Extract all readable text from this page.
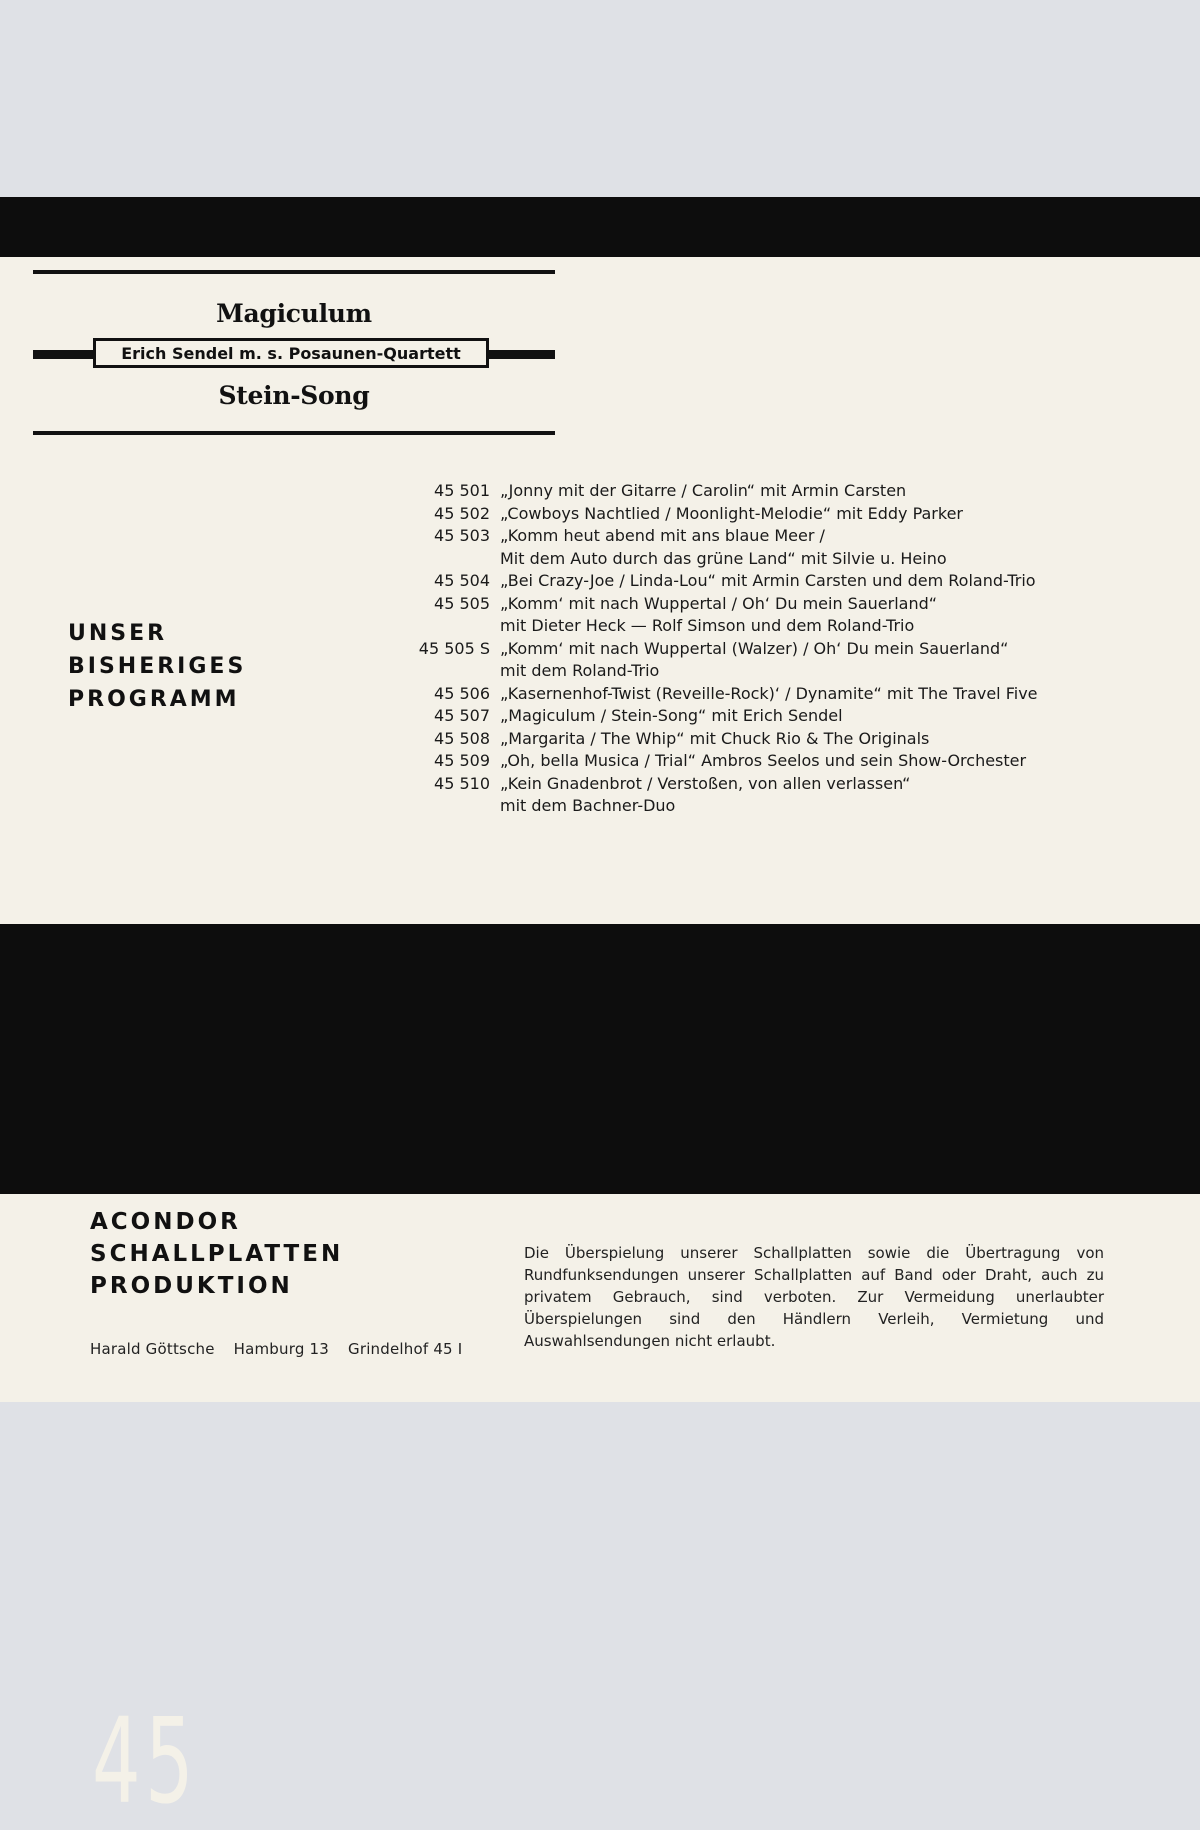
Magiculum
Erich Sendel m. s. Posaunen-Quartett
Stein-Song
UNSER
BISHERIGES
PROGRAMM
45 501 „Jonny mit der Gitarre / Carolin“ mit Armin Carsten
45 502 „Cowboys Nachtlied / Moonlight-Melodie“ mit Eddy Parker
45 503 „Komm heut abend mit ans blaue Meer /
Mit dem Auto durch das grüne Land“ mit Silvie u. Heino
45 504 „Bei Crazy-Joe / Linda-Lou“ mit Armin Carsten und dem Roland-Trio
45 505 „Komm‘ mit nach Wuppertal / Oh‘ Du mein Sauerland“
mit Dieter Heck — Rolf Simson und dem Roland-Trio
45 505 S „Komm‘ mit nach Wuppertal (Walzer) / Oh‘ Du mein Sauerland“
mit dem Roland-Trio
45 506 „Kasernenhof-Twist (Reveille-Rock)‘ / Dynamite“ mit The Travel Five
45 507 „Magiculum / Stein-Song“ mit Erich Sendel
45 508 „Margarita / The Whip“ mit Chuck Rio & The Originals
45 509 „Oh, bella Musica / Trial“ Ambros Seelos und sein Show-Orchester
45 510 „Kein Gnadenbrot / Verstoßen, von allen verlassen“
mit dem Bachner-Duo
45
ACONDOR
SCHALLPLATTEN
PRODUKTION
Harald Göttsche Hamburg 13 Grindelhof 45 I
Die Überspielung unserer Schallplatten sowie die Übertragung von Rundfunksendungen unserer Schallplatten auf Band oder Draht, auch zu privatem Gebrauch, sind verboten. Zur Vermeidung unerlaubter Überspielungen sind den Händlern Verleih, Vermietung und Auswahlsendungen nicht erlaubt.
